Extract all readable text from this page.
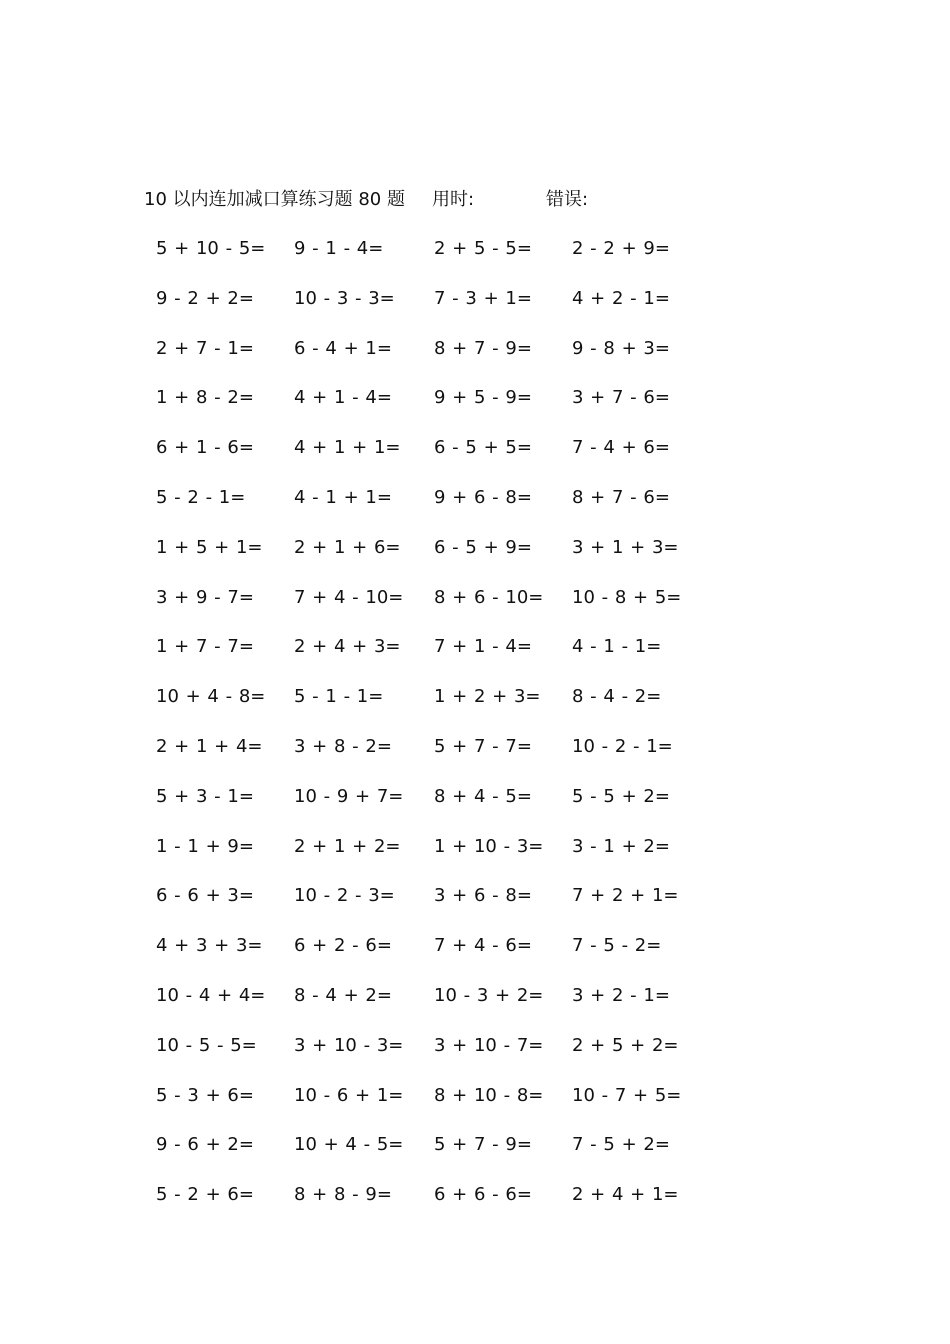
10 以内连加减口算练习题 80 题 用时:	错误:
5 + 10 - 5= 9 - 1 - 4=	2 + 5 - 5= 2 - 2 + 9=
9 - 2 + 2= 10 - 3 - 3= 7 - 3 + 1= 4 + 2 - 1=
2 + 7 - 1= 6 - 4 + 1= 8 + 7 - 9= 9 - 8 + 3=
1 + 8 - 2= 4 + 1 - 4= 9 + 5 - 9= 3 + 7 - 6=
6 + 1 - 6= 4 + 1 + 1= 6 - 5 + 5= 7 - 4 + 6=
5 - 2 - 1=	4 - 1 + 1= 9 + 6 - 8= 8 + 7 - 6=
1 + 5 + 1= 2 + 1 + 6= 6 - 5 + 9= 3 + 1 + 3=
3 + 9 - 7= 7 + 4 - 10= 8 + 6 - 10= 10 - 8 + 5=
1 + 7 - 7= 2 + 4 + 3= 7 + 1 - 4= 4 - 1 - 1=
10 + 4 - 8= 5 - 1 - 1=	1 + 2 + 3= 8 - 4 - 2=
2 + 1 + 4= 3 + 8 - 2= 5 + 7 - 7= 10 - 2 - 1=
5 + 3 - 1= 10 - 9 + 7= 8 + 4 - 5= 5 - 5 + 2=
1 - 1 + 9= 2 + 1 + 2= 1 + 10 - 3= 3 - 1 + 2=
6 - 6 + 3= 10 - 2 - 3= 3 + 6 - 8= 7 + 2 + 1=
4 + 3 + 3= 6 + 2 - 6= 7 + 4 - 6= 7 - 5 - 2=
10 - 4 + 4= 8 - 4 + 2= 10 - 3 + 2= 3 + 2 - 1=
10 - 5 - 5= 3 + 10 - 3= 3 + 10 - 7= 2 + 5 + 2=
5 - 3 + 6= 10 - 6 + 1= 8 + 10 - 8= 10 - 7 + 5=
9 - 6 + 2= 10 + 4 - 5= 5 + 7 - 9= 7 - 5 + 2=
5 - 2 + 6= 8 + 8 - 9= 6 + 6 - 6= 2 + 4 + 1=
